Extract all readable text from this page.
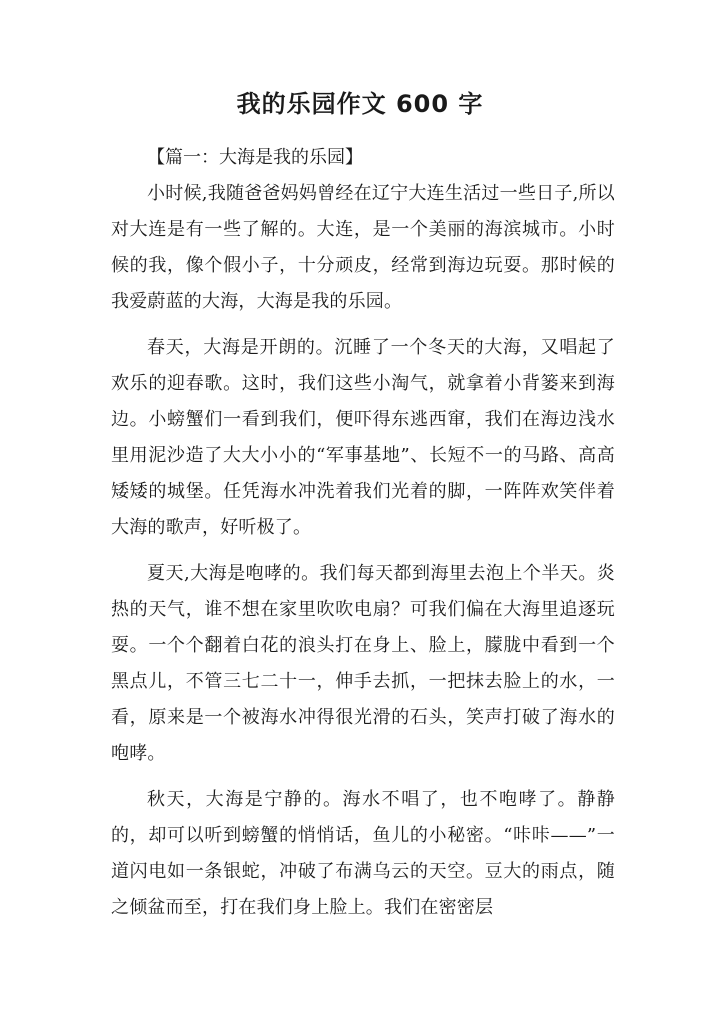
我的乐园作文 600 字

【篇一：大海是我的乐园】

小时候,我随爸爸妈妈曾经在辽宁大连生活过一些日子,所以对大连是有一些了解的。大连，是一个美丽的海滨城市。小时候的我，像个假小子，十分顽皮，经常到海边玩耍。那时候的我爱蔚蓝的大海，大海是我的乐园。

春天，大海是开朗的。沉睡了一个冬天的大海，又唱起了欢乐的迎春歌。这时，我们这些小淘气，就拿着小背篓来到海边。小螃蟹们一看到我们，便吓得东逃西窜，我们在海边浅水里用泥沙造了大大小小的“军事基地”、长短不一的马路、高高矮矮的城堡。任凭海水冲洗着我们光着的脚，一阵阵欢笑伴着大海的歌声，好听极了。

夏天,大海是咆哮的。我们每天都到海里去泡上个半天。炎热的天气，谁不想在家里吹吹电扇？可我们偏在大海里追逐玩耍。一个个翻着白花的浪头打在身上、脸上，朦胧中看到一个黑点儿，不管三七二十一，伸手去抓，一把抹去脸上的水，一看，原来是一个被海水冲得很光滑的石头，笑声打破了海水的咆哮。

秋天，大海是宁静的。海水不唱了，也不咆哮了。静静的，却可以听到螃蟹的悄悄话，鱼儿的小秘密。“咔咔——”一道闪电如一条银蛇，冲破了布满乌云的天空。豆大的雨点，随之倾盆而至，打在我们身上脸上。我们在密密层
